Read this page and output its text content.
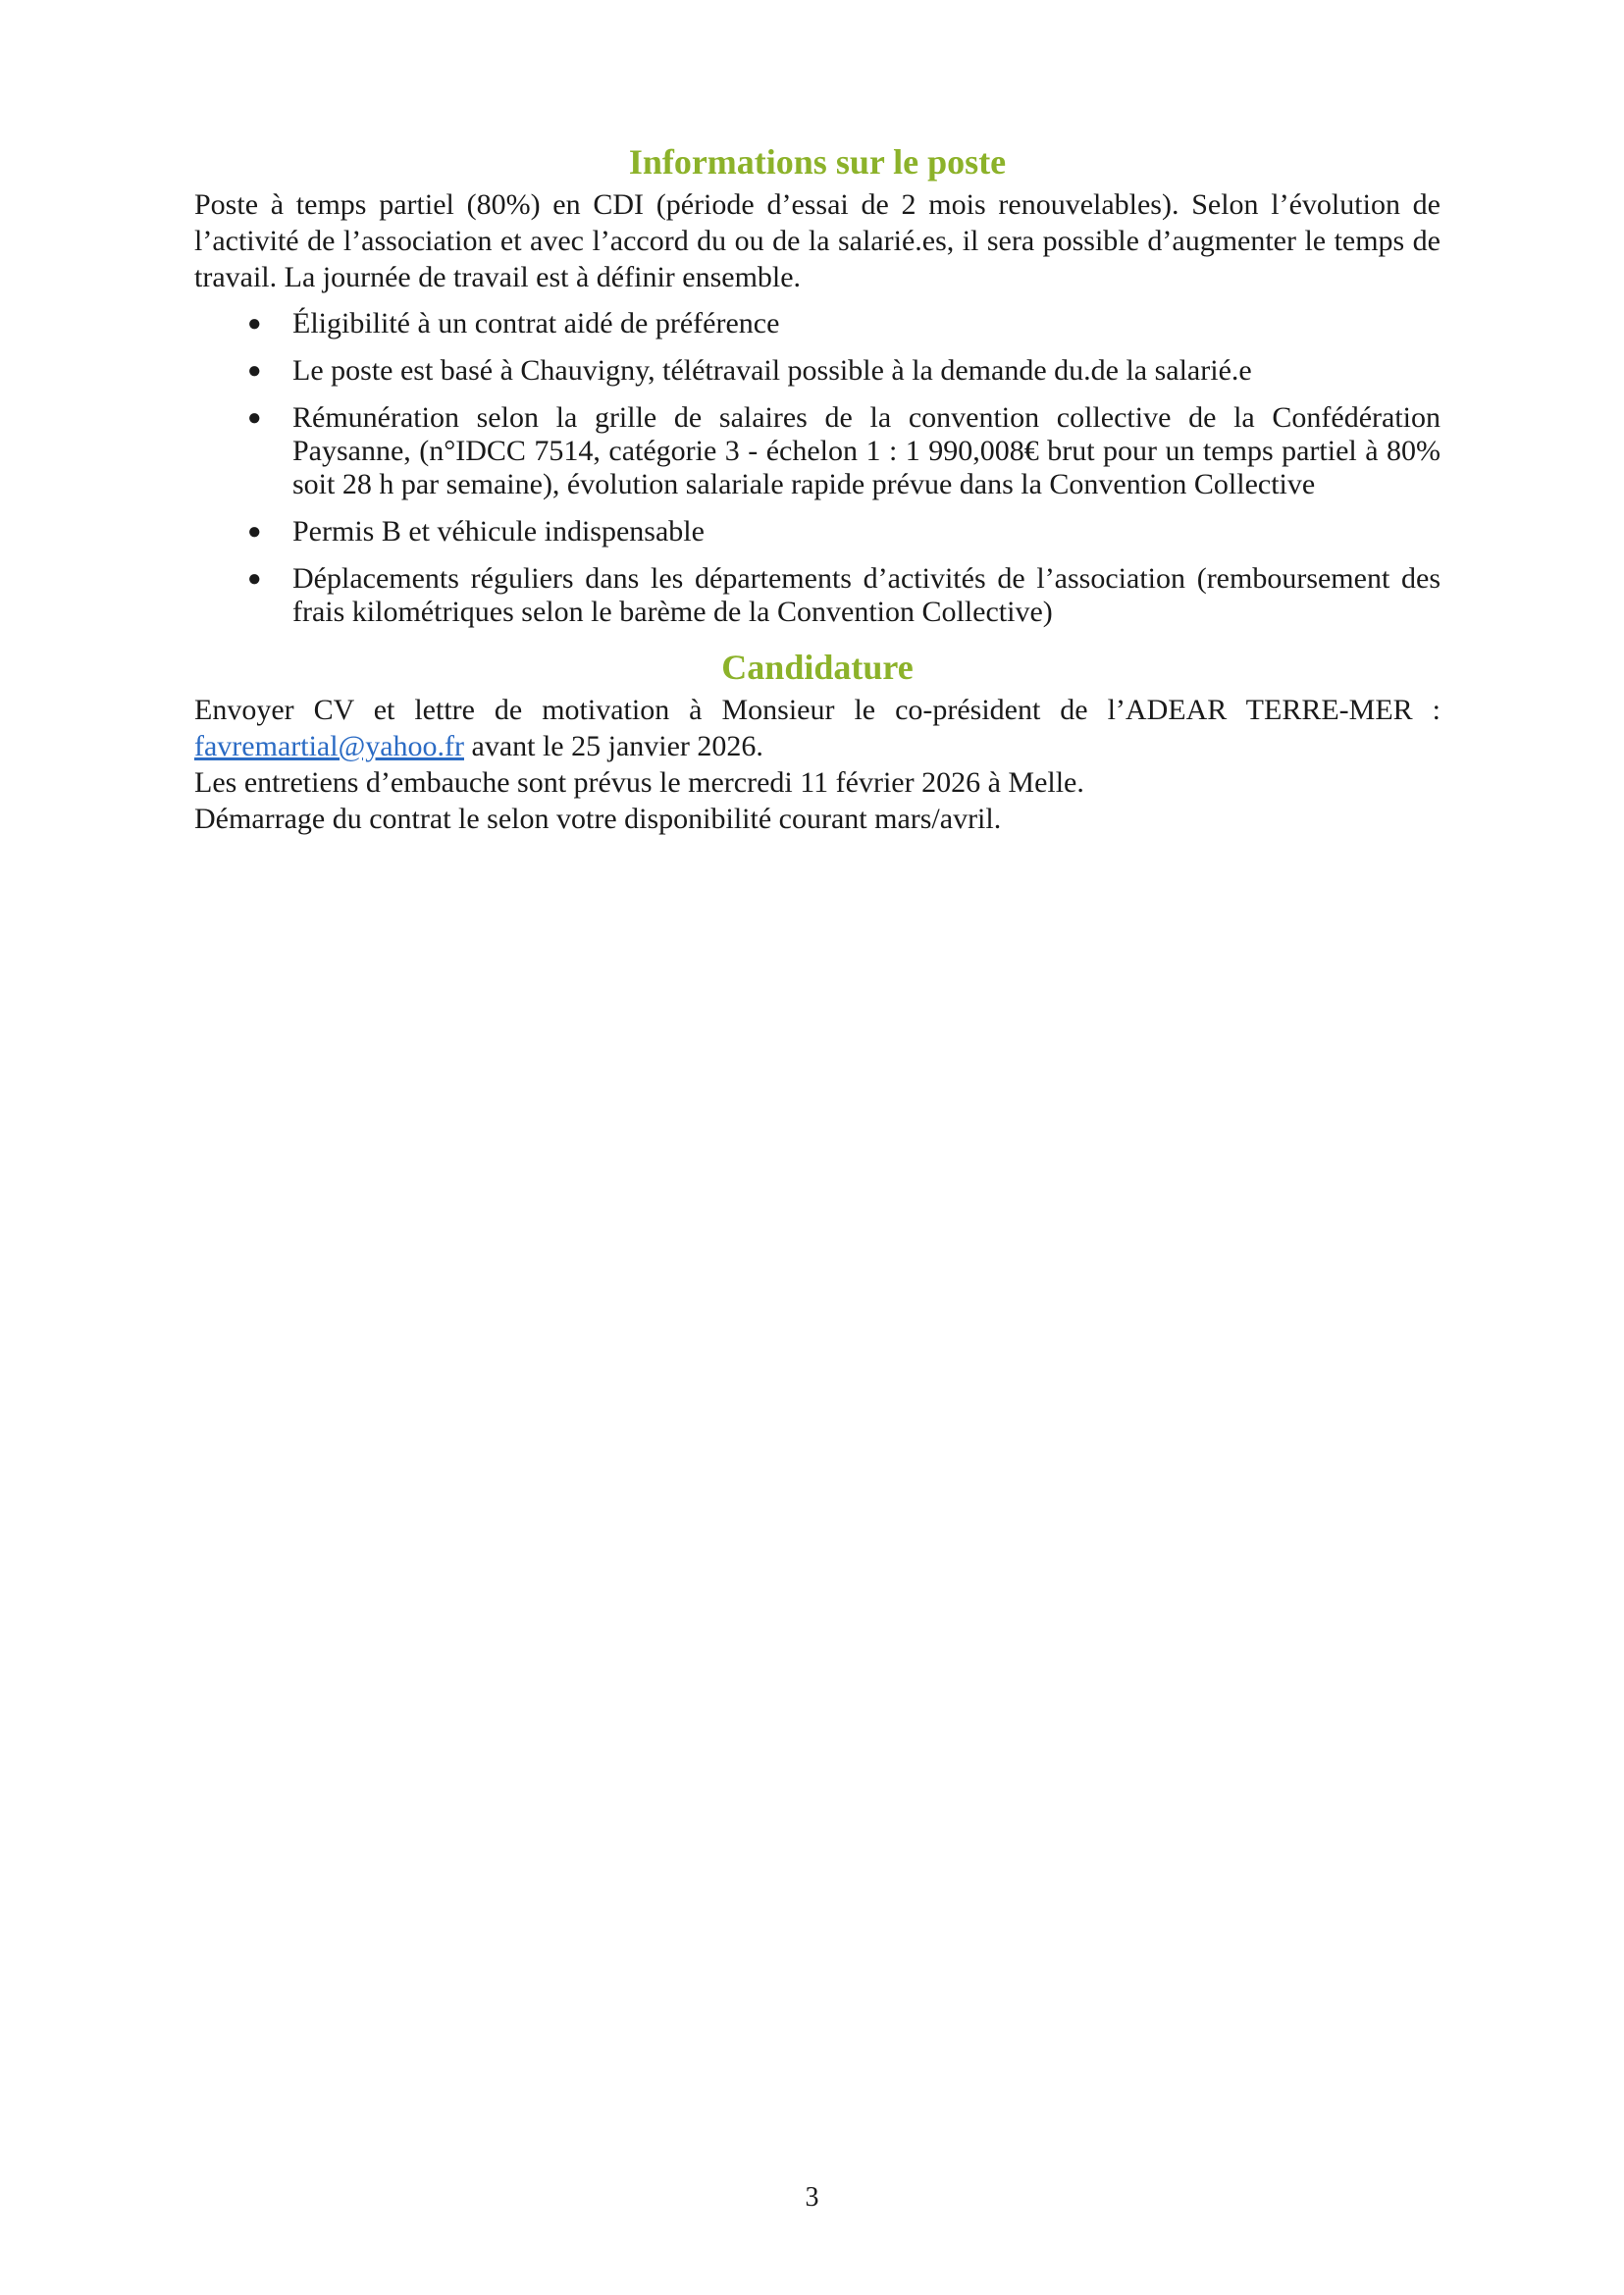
Informations sur le poste

Poste à temps partiel (80%) en CDI (période d’essai de 2 mois renouvelables). Selon l’évolution de l’activité de l’association et avec l’accord du ou de la salarié.es, il sera possible d’augmenter le temps de travail. La journée de travail est à définir ensemble.

● Éligibilité à un contrat aidé de préférence
● Le poste est basé à Chauvigny, télétravail possible à la demande du.de la salarié.e
● Rémunération selon la grille de salaires de la convention collective de la Confédération Paysanne, (n°IDCC 7514, catégorie 3 - échelon 1 : 1 990,008€ brut pour un temps partiel à 80% soit 28 h par semaine), évolution salariale rapide prévue dans la Convention Collective
● Permis B et véhicule indispensable
● Déplacements réguliers dans les départements d’activités de l’association (remboursement des frais kilométriques selon le barème de la Convention Collective)
Candidature

Envoyer CV et lettre de motivation à Monsieur le co-président de l’ADEAR TERRE-MER : favremartial@yahoo.fr avant le 25 janvier 2026.

Les entretiens d’embauche sont prévus le mercredi 11 février 2026 à Melle.

Démarrage du contrat le selon votre disponibilité courant mars/avril.

3
